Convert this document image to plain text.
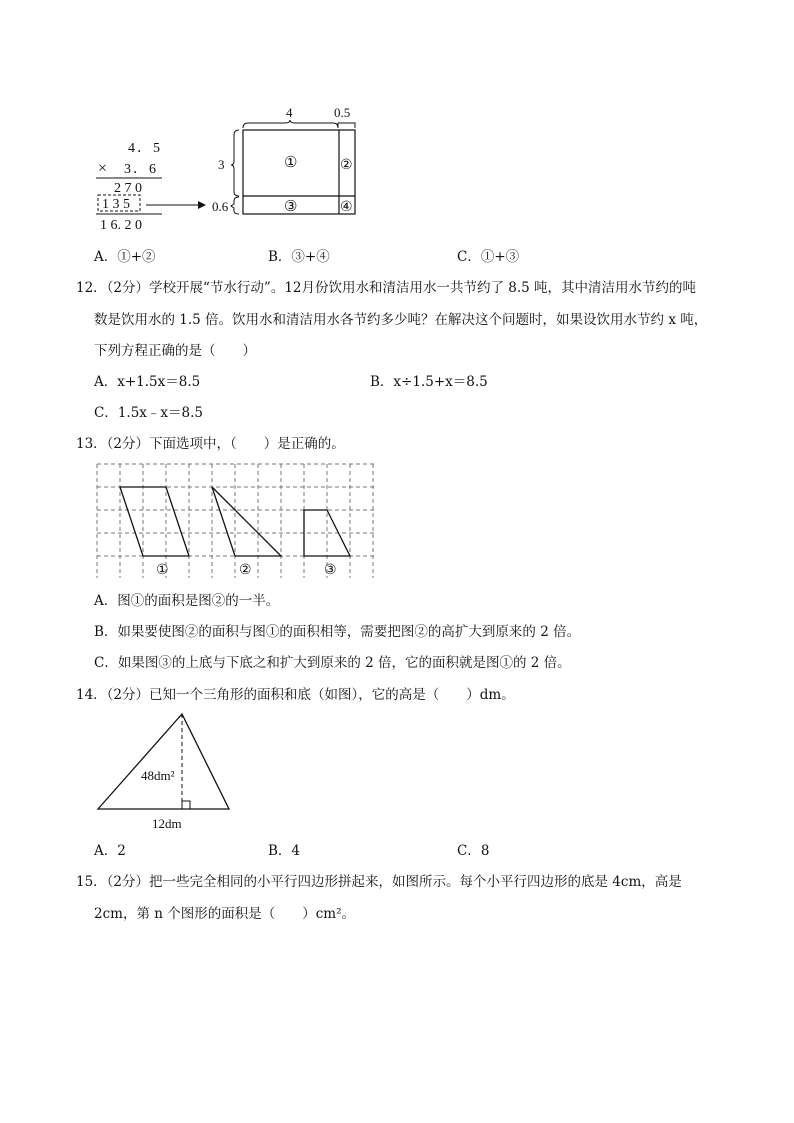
4．5
× 3．6
2 7 0
1 3 5
1 6. 2 0
4	0.5
3
0.6
①	②
③	④
A．①+②	B．③+④	C．①+③
12．（2分）学校开展“节水行动”。12月份饮用水和清洁用水一共节约了 8.5 吨，其中清洁用水节约的吨
数是饮用水的 1.5 倍。饮用水和清洁用水各节约多少吨？在解决这个问题时，如果设饮用水节约 x 吨，
下列方程正确的是（　　）
A．x+1.5x＝8.5	B．x÷1.5+x＝8.5
C．1.5x﹣x＝8.5
13．（2分）下面选项中，（　　）是正确的。
①	②	③
A．图①的面积是图②的一半。
B．如果要使图②的面积与图①的面积相等，需要把图②的高扩大到原来的 2 倍。
C．如果图③的上底与下底之和扩大到原来的 2 倍，它的面积就是图①的 2 倍。
14．（2分）已知一个三角形的面积和底（如图），它的高是（　　）dm。
48dm²
12dm
A．2	B．4	C．8
15．（2分）把一些完全相同的小平行四边形拼起来，如图所示。每个小平行四边形的底是 4cm，高是
2cm，第 n 个图形的面积是（　　）cm²。
